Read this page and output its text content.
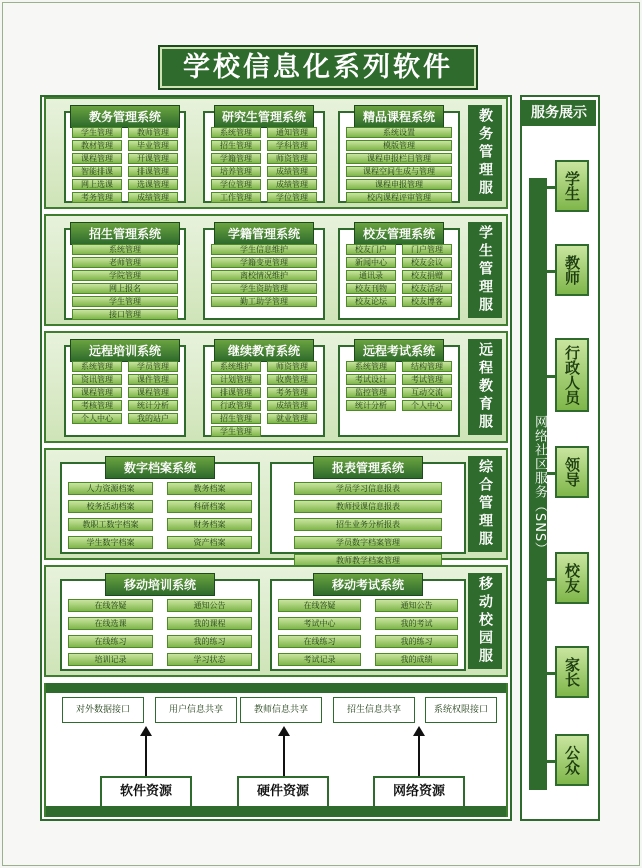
学校信息化系列软件
教务管理服
教务管理系统
学生管理	教师管理
教材管理	毕业管理
课程管理	开课管理
智能排课	排课管理
网上选课	选课管理
考务管理	成绩管理
研究生管理系统
系统管理	通知管理
招生管理	学科管理
学籍管理	师资管理
培养管理	成绩管理
学位管理	成绩管理
工作管理	学位管理
精品课程系统
系统设置
模版管理
课程申报栏目管理
课程空间生成与管理
课程申报管理
校内课程评审管理
学生管理服
招生管理系统
系统管理
老师管理
学院管理
网上报名
学生管理
接口管理
学籍管理系统
学生信息维护
学籍变更管理
离校情况维护
学生资助管理
勤工助学管理
校友管理系统
校友门户	门户管理
新闻中心	校友会议
通讯录	校友捐赠
校友刊物	校友活动
校友论坛	校友博客
远程教育服
远程培训系统
系统管理	学员管理
资讯管理	课件管理
课程管理	课程管理
考核管理	统计分析
个人中心	我的站户
继续教育系统
系统维护	师资管理
计划管理	收费管理
排课管理	考务管理
行政管理	成绩管理
招生管理	就业管理
学生管理
远程考试系统
系统管理	结构管理
考试设计	考试管理
监控管理	互动交流
统计分析	个人中心
综合管理服
数字档案系统
人力资源档案	教务档案
校务活动档案	科研档案
教职工数字档案	财务档案
学生数字档案	资产档案
报表管理系统
学员学习信息报表
教师授课信息报表
招生业务分析报表
学员数字档案管理
教师教学档案管理
移动校园服
移动培训系统
在线答疑	通知公告
在线选课	我的课程
在线练习	我的练习
培训记录	学习状态
移动考试系统
在线答疑	通知公告
考试中心	我的考试
在线练习	我的练习
考试记录	我的成绩
对外数据接口	用户信息共享	教师信息共享	招生信息共享	系统权限接口
软件资源	硬件资源	网络资源
服务展示
网络社区服务（SNS）
学生
教师
行政人员
领导
校友
家长
公众
